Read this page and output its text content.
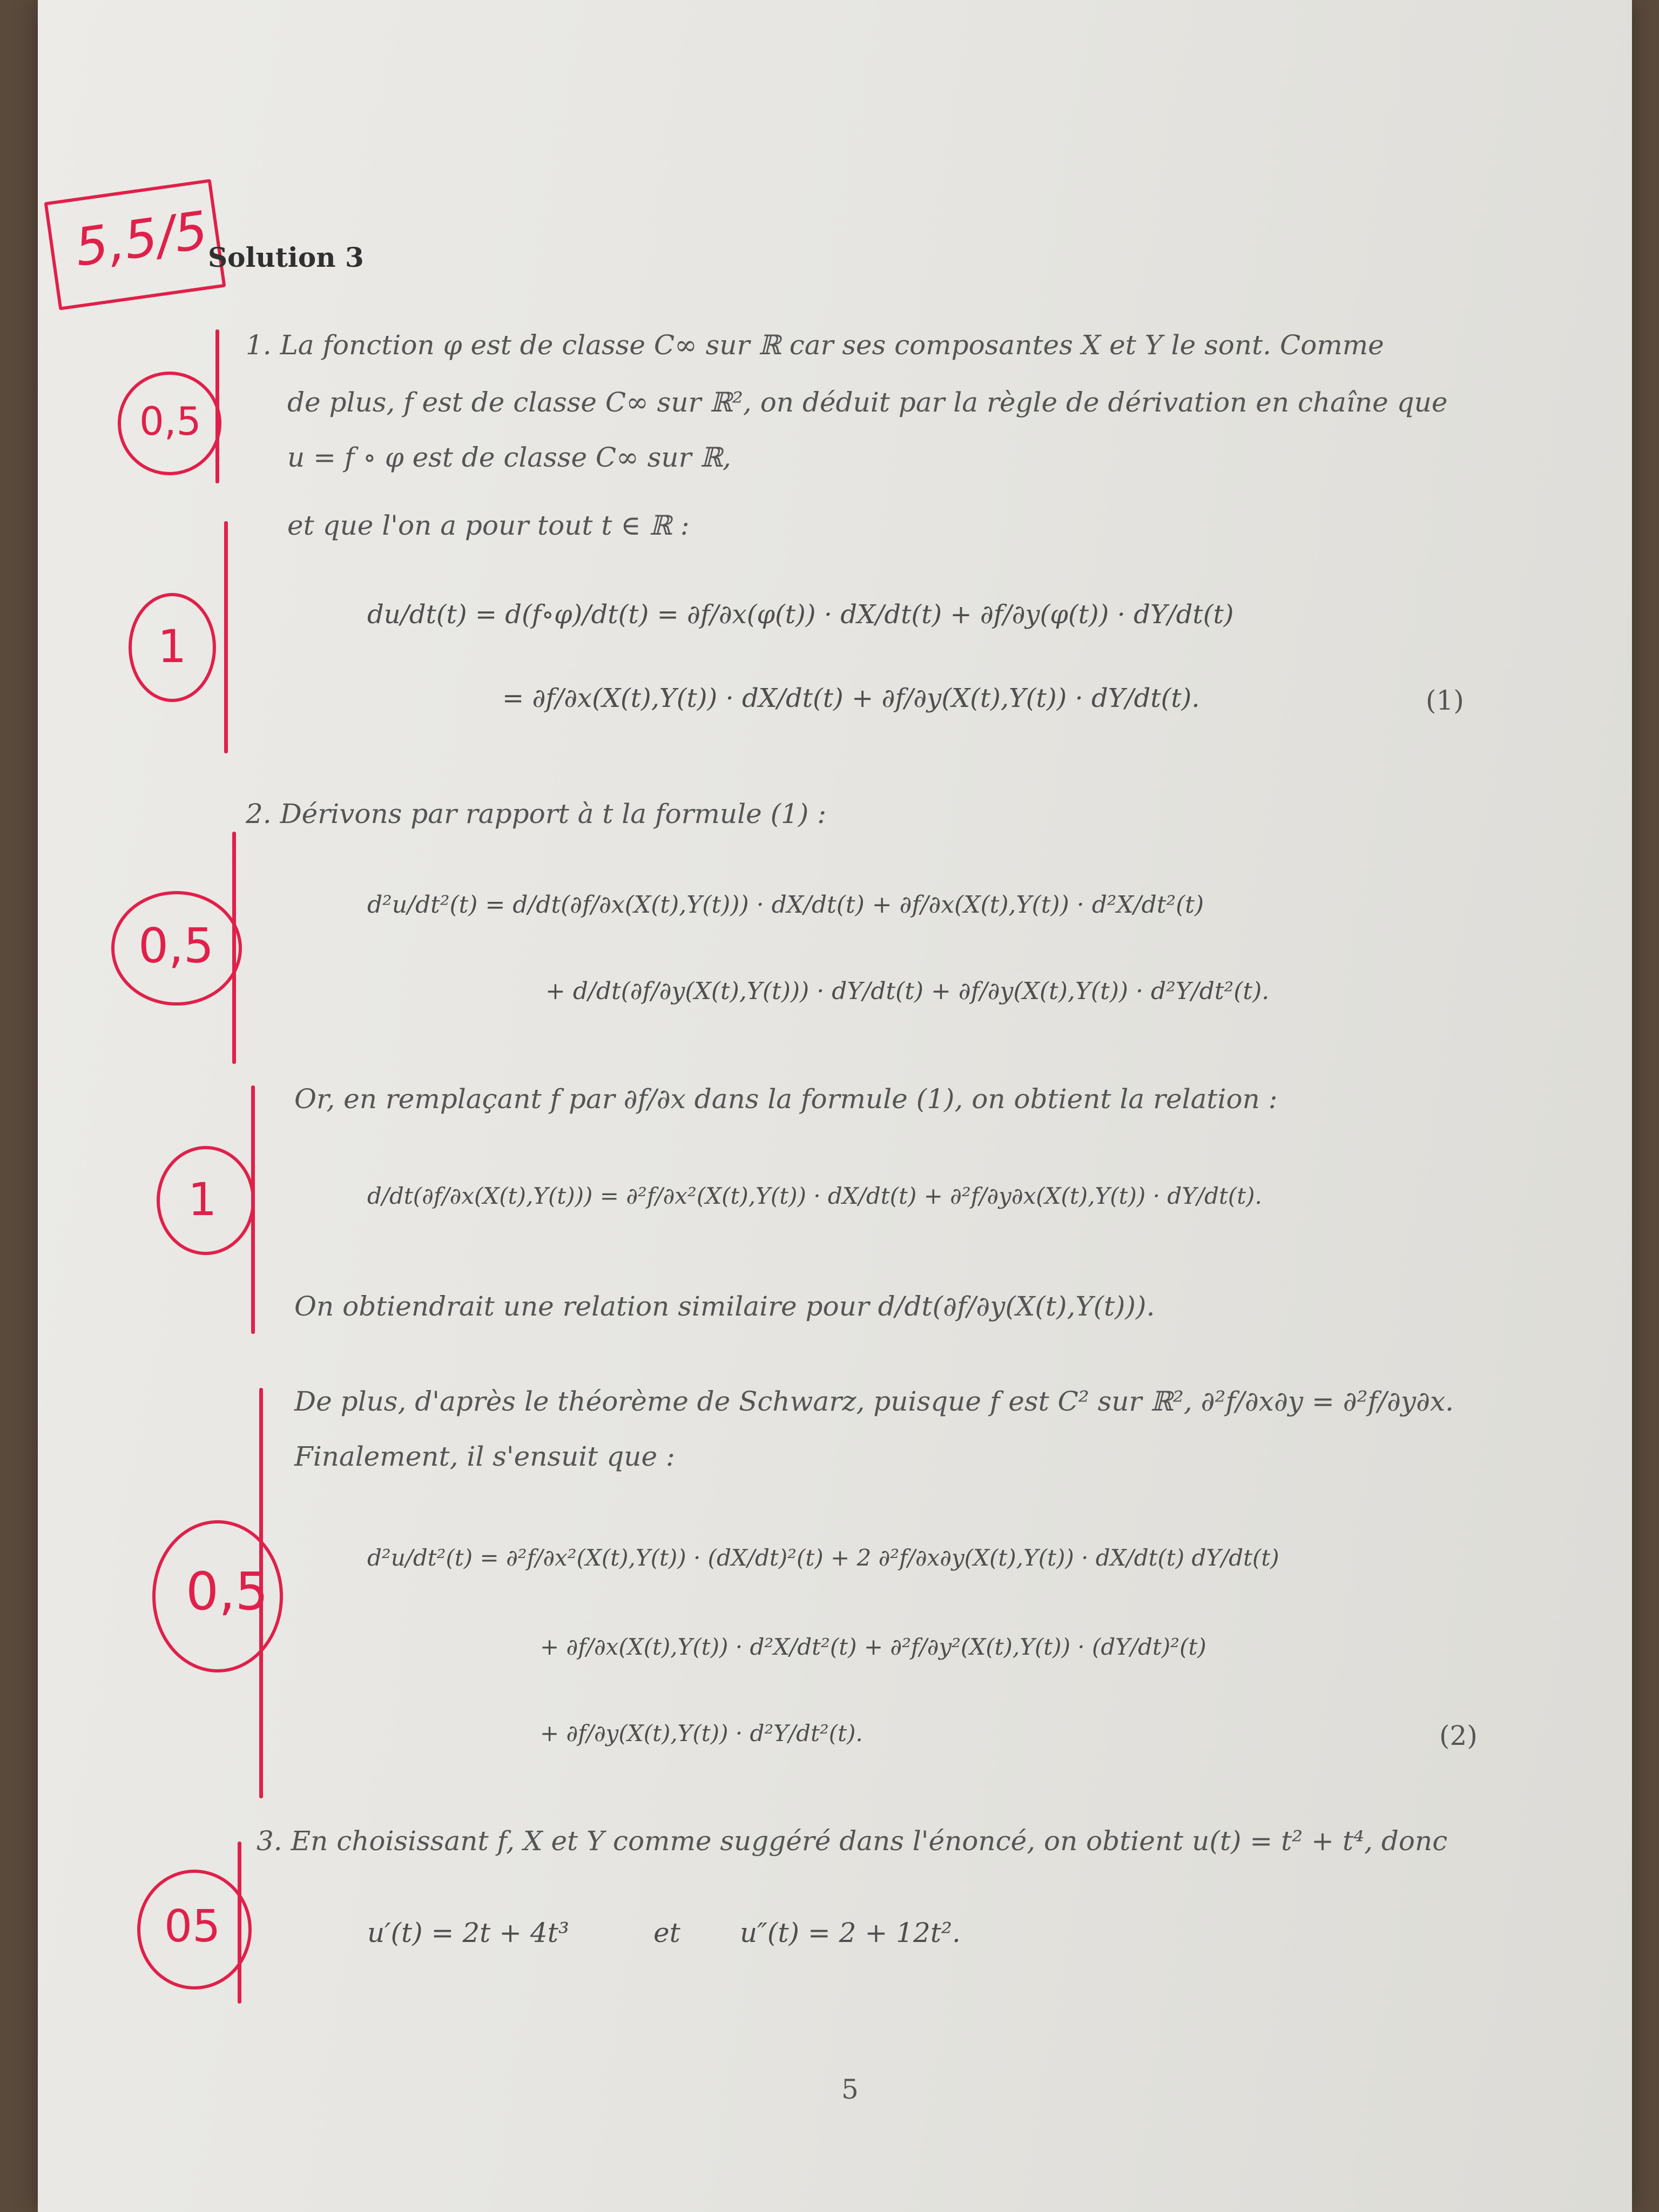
5,5/5
Solution 3
1. La fonction φ est de classe C∞ sur ℝ car ses composantes X et Y le sont. Comme
de plus, f est de classe C∞ sur ℝ², on déduit par la règle de dérivation en chaîne que
u = f ∘ φ est de classe C∞ sur ℝ,
et que l'on a pour tout t ∈ ℝ :
du/dt(t) = d(f∘φ)/dt(t) = ∂f/∂x(φ(t)) · dX/dt(t) + ∂f/∂y(φ(t)) · dY/dt(t)
= ∂f/∂x(X(t),Y(t)) · dX/dt(t) + ∂f/∂y(X(t),Y(t)) · dY/dt(t).	(1)
2. Dérivons par rapport à t la formule (1) :
d²u/dt²(t) = d/dt(∂f/∂x(X(t),Y(t))) · dX/dt(t) + ∂f/∂x(X(t),Y(t)) · d²X/dt²(t)
+ d/dt(∂f/∂y(X(t),Y(t))) · dY/dt(t) + ∂f/∂y(X(t),Y(t)) · d²Y/dt²(t).
Or, en remplaçant f par ∂f/∂x dans la formule (1), on obtient la relation :
d/dt(∂f/∂x(X(t),Y(t))) = ∂²f/∂x²(X(t),Y(t)) · dX/dt(t) + ∂²f/∂y∂x(X(t),Y(t)) · dY/dt(t).
On obtiendrait une relation similaire pour d/dt(∂f/∂y(X(t),Y(t))).
De plus, d'après le théorème de Schwarz, puisque f est C² sur ℝ², ∂²f/∂x∂y = ∂²f/∂y∂x.
Finalement, il s'ensuit que :
d²u/dt²(t) = ∂²f/∂x²(X(t),Y(t)) · (dX/dt)²(t) + 2 ∂²f/∂x∂y(X(t),Y(t)) · dX/dt(t) dY/dt(t)
+ ∂f/∂x(X(t),Y(t)) · d²X/dt²(t) + ∂²f/∂y²(X(t),Y(t)) · (dY/dt)²(t)
+ ∂f/∂y(X(t),Y(t)) · d²Y/dt²(t).	(2)
3. En choisissant f, X et Y comme suggéré dans l'énoncé, on obtient u(t) = t² + t⁴, donc
u′(t) = 2t + 4t³	et u″(t) = 2 + 12t².
5
0,5
1
0,5
1
0,5
05
